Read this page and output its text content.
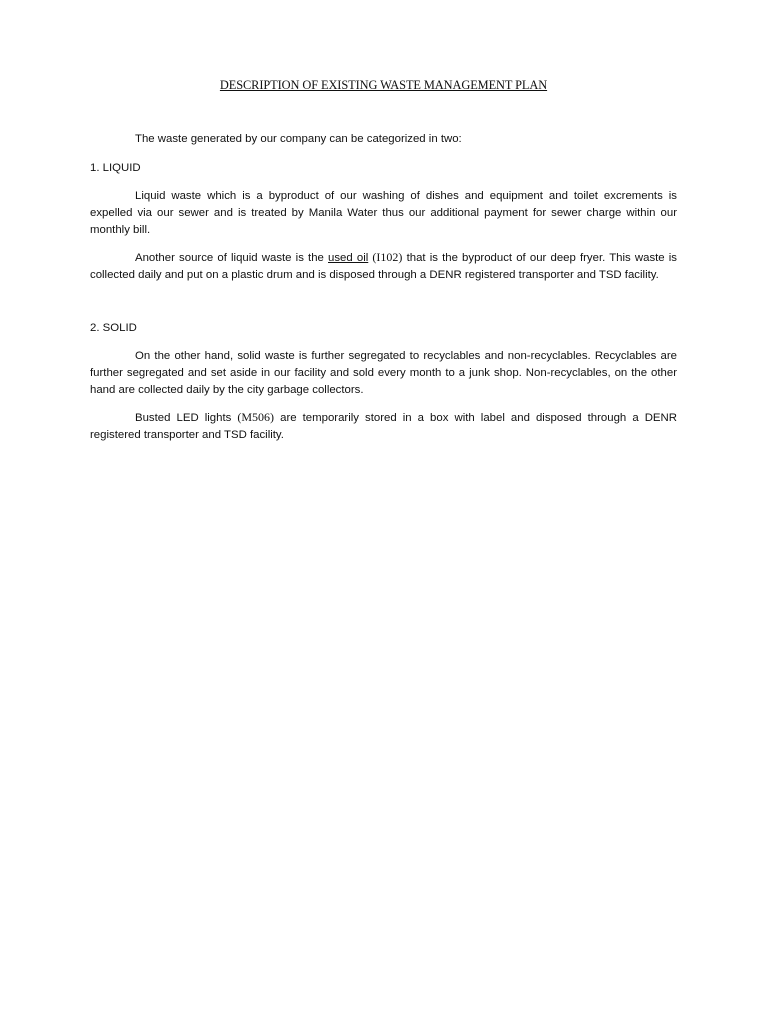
DESCRIPTION OF EXISTING WASTE MANAGEMENT PLAN

The waste generated by our company can be categorized in two:

1. LIQUID

Liquid waste which is a byproduct of our washing of dishes and equipment and toilet excrements is expelled via our sewer and is treated by Manila Water thus our additional payment for sewer charge within our monthly bill.

Another source of liquid waste is the used oil (I102) that is the byproduct of our deep fryer. This waste is collected daily and put on a plastic drum and is disposed through a DENR registered transporter and TSD facility.

2. SOLID

On the other hand, solid waste is further segregated to recyclables and non-recyclables. Recyclables are further segregated and set aside in our facility and sold every month to a junk shop. Non-recyclables, on the other hand are collected daily by the city garbage collectors.

Busted LED lights (M506) are temporarily stored in a box with label and disposed through a DENR registered transporter and TSD facility.
